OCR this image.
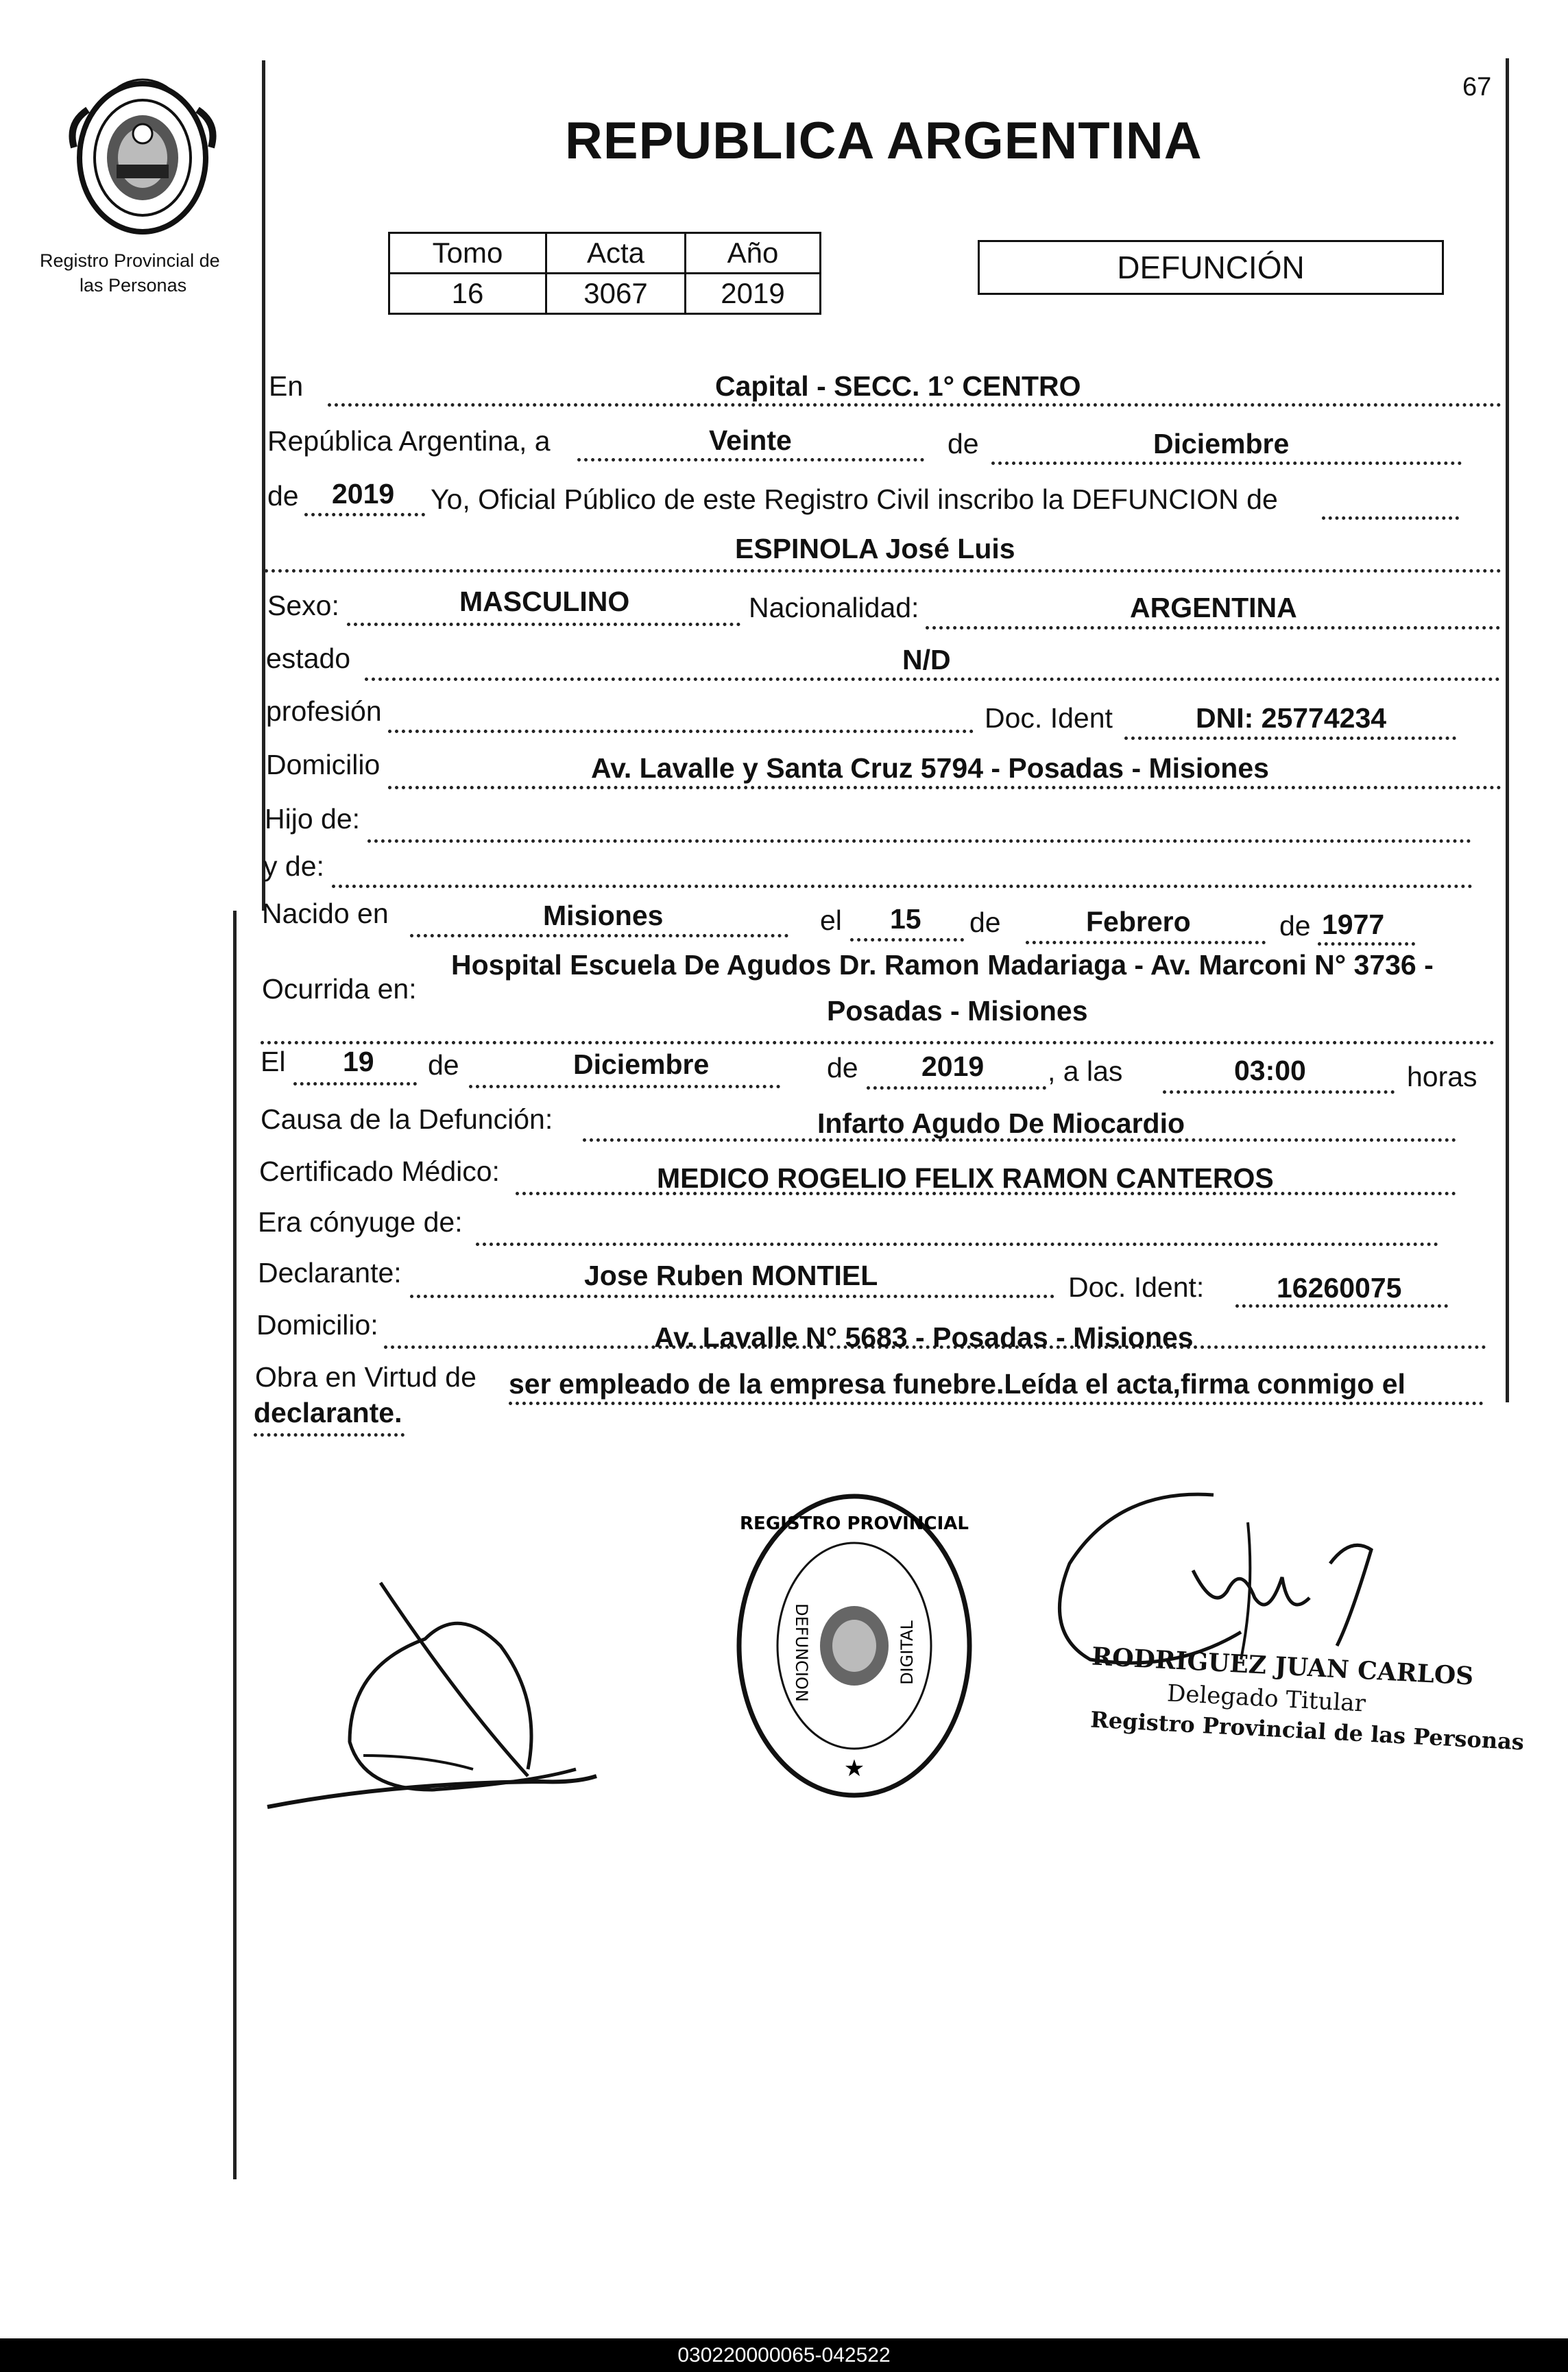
67
Registro Provincial de
las Personas
REPUBLICA ARGENTINA
Tomo	Acta	Año
16	3067	2019
DEFUNCIÓN
En	Capital - SECC. 1° CENTRO
República Argentina, a	Veinte	de	Diciembre
de 2019 Yo, Oficial Público de este Registro Civil inscribo la DEFUNCION de
ESPINOLA José Luis
Sexo:	MASCULINO	Nacionalidad:	ARGENTINA
estado	N/D
profesión	Doc. Ident	DNI: 25774234
Domicilio	Av. Lavalle y Santa Cruz 5794 - Posadas - Misiones
Hijo de:
y de:
Nacido en	Misiones	el 15 de	Febrero	de 1977
Ocurrida en:
Hospital Escuela De Agudos Dr. Ramon Madariaga - Av. Marconi N° 3736 -
Posadas - Misiones
El 19 de	Diciembre	de 2019 , a las	03:00	horas
Causa de la Defunción:	Infarto Agudo De Miocardio
Certificado Médico:	MEDICO ROGELIO FELIX RAMON CANTEROS
Era cónyuge de:
Declarante:	Jose Ruben MONTIEL	Doc. Ident:	16260075
Domicilio:	Av. Lavalle N° 5683 - Posadas - Misiones
Obra en Virtud de ser empleado de la empresa funebre.Leída el acta,firma conmigo el
declarante.
REGISTRO PROVINCIAL
★
DEFUNCION	DIGITAL	RODRIGUEZ JUAN CARLOS
Delegado Titular
Registro Provincial de las Personas
030220000065-042522
